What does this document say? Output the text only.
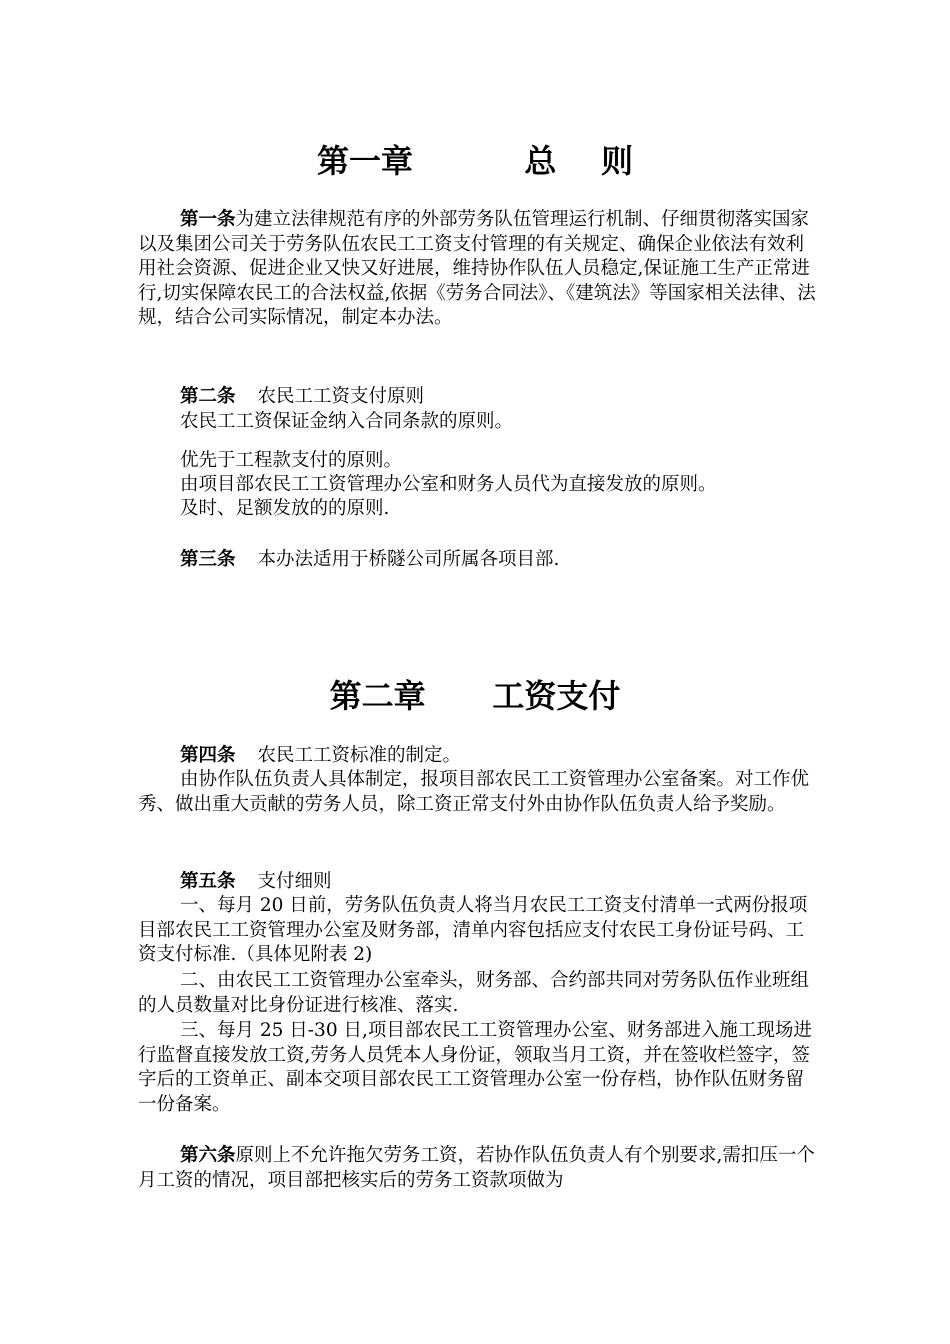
第一章          总    则

第一条为建立法律规范有序的外部劳务队伍管理运行机制、仔细贯彻落实国家以及集团公司关于劳务队伍农民工工资支付管理的有关规定、确保企业依法有效利用社会资源、促进企业又快又好进展，维持协作队伍人员稳定,保证施工生产正常进行,切实保障农民工的合法权益,依据《劳务合同法》、《建筑法》等国家相关法律、法规，结合公司实际情况，制定本办法。

第二条 农民工工资支付原则

农民工工资保证金纳入合同条款的原则。

优先于工程款支付的原则。

由项目部农民工工资管理办公室和财务人员代为直接发放的原则。

及时、足额发放的的原则.

第三条 本办法适用于桥隧公司所属各项目部.

第二章      工资支付

第四条 农民工工资标准的制定。

由协作队伍负责人具体制定，报项目部农民工工资管理办公室备案。对工作优秀、做出重大贡献的劳务人员，除工资正常支付外由协作队伍负责人给予奖励。

第五条 支付细则

一、每月 20 日前，劳务队伍负责人将当月农民工工资支付清单一式两份报项目部农民工工资管理办公室及财务部，清单内容包括应支付农民工身份证号码、工资支付标准.（具体见附表 2)

二、由农民工工资管理办公室牵头，财务部、合约部共同对劳务队伍作业班组的人员数量对比身份证进行核准、落实.

三、每月 25 日-30 日,项目部农民工工资管理办公室、财务部进入施工现场进行监督直接发放工资,劳务人员凭本人身份证，领取当月工资，并在签收栏签字，签字后的工资单正、副本交项目部农民工工资管理办公室一份存档，协作队伍财务留一份备案。

第六条原则上不允许拖欠劳务工资，若协作队伍负责人有个别要求,需扣压一个月工资的情况，项目部把核实后的劳务工资款项做为
